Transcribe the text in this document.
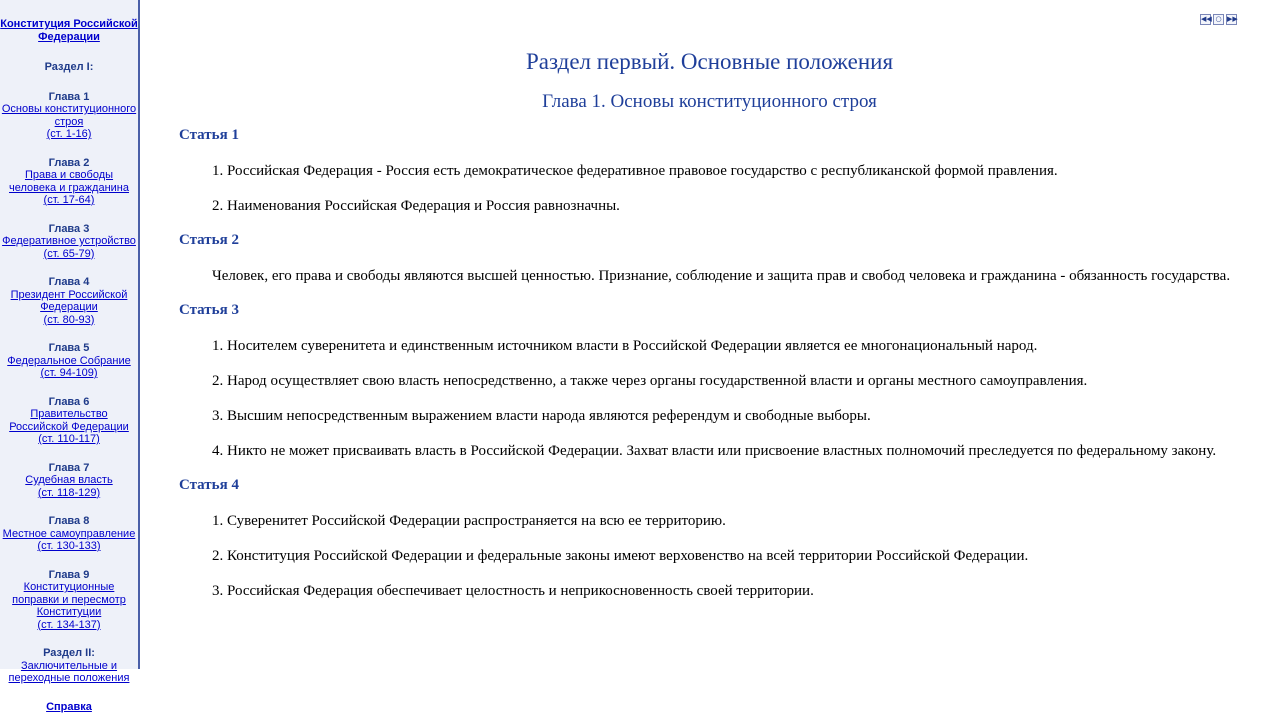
Конституция Российской Федерации
Раздел I:
Глава 1
Основы конституционного строя
(ст. 1-16)
Глава 2
Права и свободы человека и гражданина
(ст. 17-64)
Глава 3
Федеративное устройство
(ст. 65-79)
Глава 4
Президент Российской Федерации
(ст. 80-93)
Глава 5
Федеральное Собрание
(ст. 94-109)
Глава 6
Правительство Российской Федерации
(ст. 110-117)
Глава 7
Судебная власть
(ст. 118-129)
Глава 8
Местное самоуправление
(ст. 130-133)
Глава 9
Конституционные поправки и пересмотр Конституции
(ст. 134-137)
Раздел II:
Заключительные и переходные положения
Справка
◀◀ ○ ▶▶
Раздел первый. Основные положения
Глава 1. Основы конституционного строя
Статья 1

1. Российская Федерация - Россия есть демократическое федеративное правовое государство с республиканской формой правления.

2. Наименования Российская Федерация и Россия равнозначны.

Статья 2

Человек, его права и свободы являются высшей ценностью. Признание, соблюдение и защита прав и свобод человека и гражданина - обязанность государства.

Статья 3

1. Носителем суверенитета и единственным источником власти в Российской Федерации является ее многонациональный народ.

2. Народ осуществляет свою власть непосредственно, а также через органы государственной власти и органы местного самоуправления.

3. Высшим непосредственным выражением власти народа являются референдум и свободные выборы.

4. Никто не может присваивать власть в Российской Федерации. Захват власти или присвоение властных полномочий преследуется по федеральному закону.

Статья 4

1. Суверенитет Российской Федерации распространяется на всю ее территорию.

2. Конституция Российской Федерации и федеральные законы имеют верховенство на всей территории Российской Федерации.

3. Российская Федерация обеспечивает целостность и неприкосновенность своей территории.
